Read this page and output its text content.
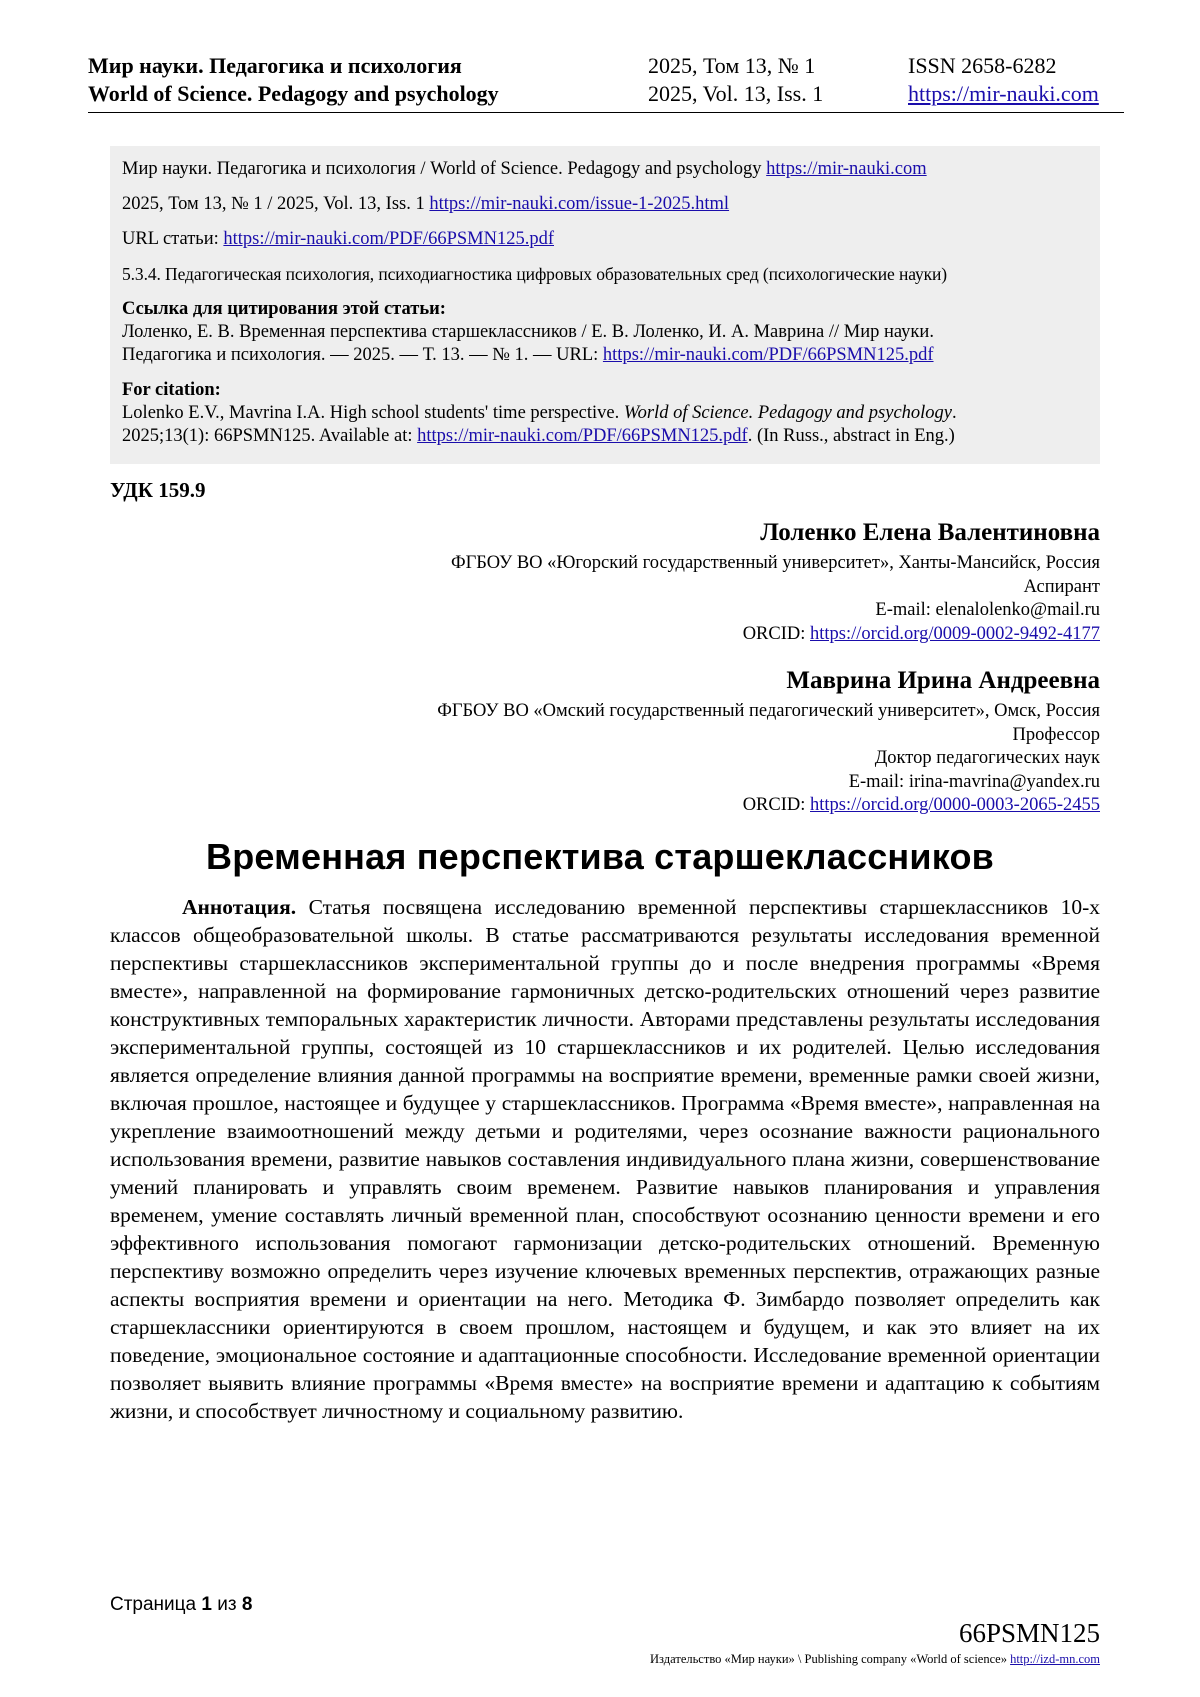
Мир науки. Педагогика и психология	2025, Том 13, № 1	ISSN 2658-6282
World of Science. Pedagogy and psychology	2025, Vol. 13, Iss. 1	https://mir-nauki.com

Мир науки. Педагогика и психология / World of Science. Pedagogy and psychology https://mir-nauki.com

2025, Том 13, № 1 / 2025, Vol. 13, Iss. 1 https://mir-nauki.com/issue-1-2025.html

URL статьи: https://mir-nauki.com/PDF/66PSMN125.pdf

5.3.4. Педагогическая психология, психодиагностика цифровых образовательных сред (психологические науки)

Ссылка для цитирования этой статьи:
Лоленко, Е. В. Временная перспектива старшеклассников / Е. В. Лоленко, И. А. Маврина // Мир науки.
Педагогика и психология. — 2025. — Т. 13. — № 1. — URL: https://mir-nauki.com/PDF/66PSMN125.pdf
For citation:
Lolenko E.V., Mavrina I.A. High school students' time perspective. World of Science. Pedagogy and psychology.
2025;13(1): 66PSMN125. Available at: https://mir-nauki.com/PDF/66PSMN125.pdf. (In Russ., abstract in Eng.)
УДК 159.9
Лоленко Елена Валентиновна
ФГБОУ ВО «Югорский государственный университет», Ханты-Мансийск, Россия
Аспирант
E-mail: elenalolenko@mail.ru
ORCID: https://orcid.org/0009-0002-9492-4177
Маврина Ирина Андреевна
ФГБОУ ВО «Омский государственный педагогический университет», Омск, Россия
Профессор
Доктор педагогических наук
E-mail: irina-mavrina@yandex.ru
ORCID: https://orcid.org/0000-0003-2065-2455
Временная перспектива старшеклассников
Аннотация. Статья посвящена исследованию временной перспективы старшеклассников 10-х классов общеобразовательной школы. В статье рассматриваются результаты исследования временной перспективы старшеклассников экспериментальной группы до и после внедрения программы «Время вместе», направленной на формирование гармоничных детско-родительских отношений через развитие конструктивных темпоральных характеристик личности. Авторами представлены результаты исследования экспериментальной группы, состоящей из 10 старшеклассников и их родителей. Целью исследования является определение влияния данной программы на восприятие времени, временные рамки своей жизни, включая прошлое, настоящее и будущее у старшеклассников. Программа «Время вместе», направленная на укрепление взаимоотношений между детьми и родителями, через осознание важности рационального использования времени, развитие навыков составления индивидуального плана жизни, совершенствование умений планировать и управлять своим временем. Развитие навыков планирования и управления временем, умение составлять личный временной план, способствуют осознанию ценности времени и его эффективного использования помогают гармонизации детско-родительских отношений. Временную перспективу возможно определить через изучение ключевых временных перспектив, отражающих разные аспекты восприятия времени и ориентации на него. Методика Ф. Зимбардо позволяет определить как старшеклассники ориентируются в своем прошлом, настоящем и будущем, и как это влияет на их поведение, эмоциональное состояние и адаптационные способности. Исследование временной ориентации позволяет выявить влияние программы «Время вместе» на восприятие времени и адаптацию к событиям жизни, и способствует личностному и социальному развитию.
Страница 1 из 8
66PSMN125
Издательство «Мир науки» \ Publishing company «World of science» http://izd-mn.com
